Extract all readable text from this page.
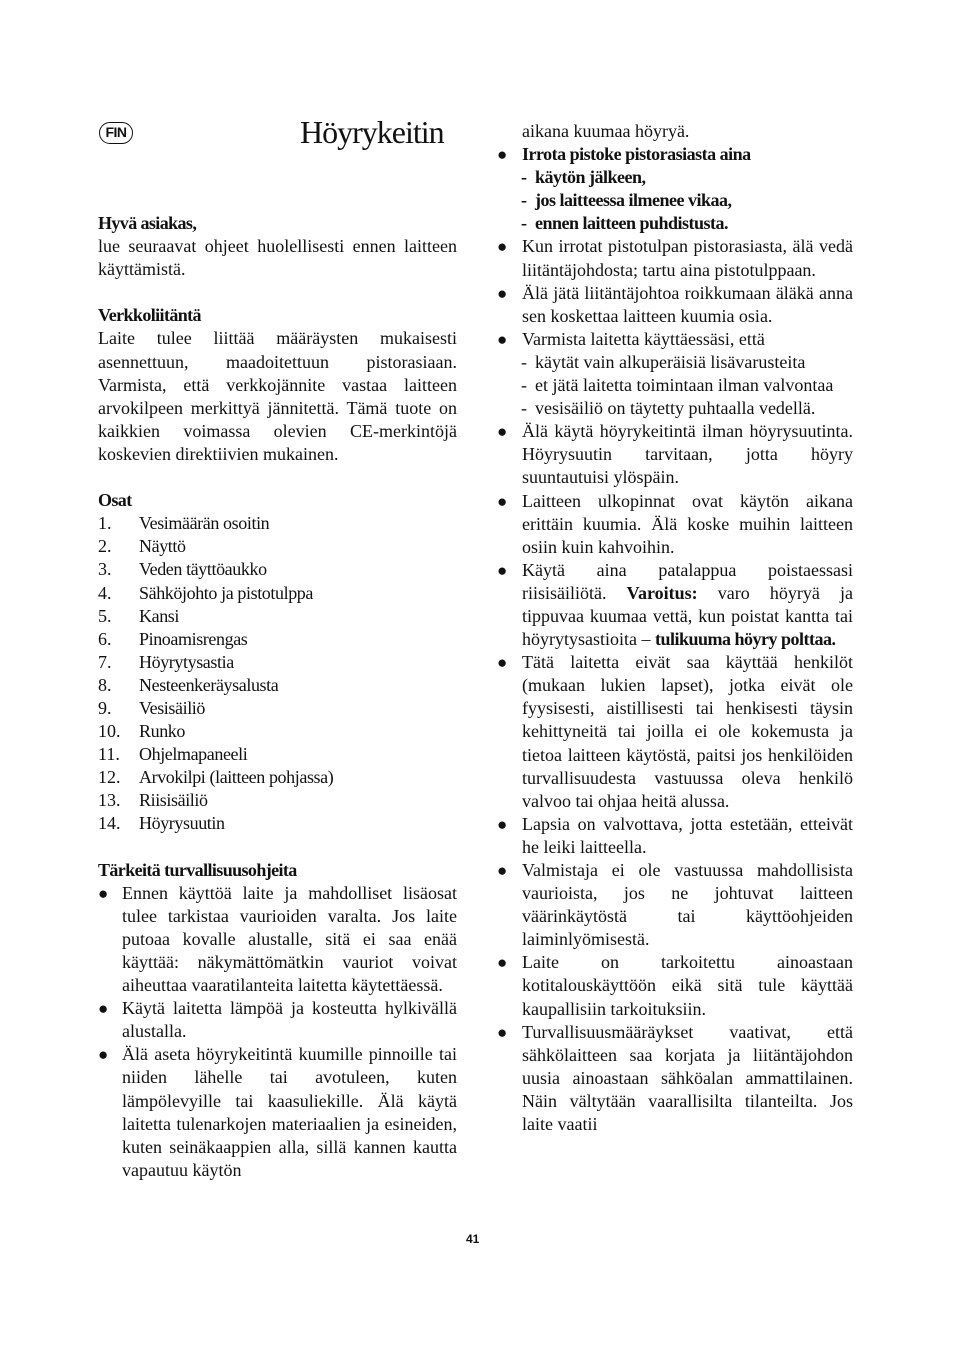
FIN	Höyrykeitin

Hyvä asiakas,

lue seuraavat ohjeet huolellisesti ennen laitteen käyttämistä.

Verkkoliitäntä

Laite tulee liittää määräysten mukaisesti asennettuun, maadoitettuun pistorasiaan. Varmista, että verkkojännite vastaa laitteen arvokilpeen merkittyä jännitettä. Tämä tuote on kaikkien voimassa olevien CE-merkintöjä koskevien direktiivien mukainen.

Osat

1.	Vesimäärän osoitin
2.	Näyttö
3.	Veden täyttöaukko
4.	Sähköjohto ja pistotulppa
5.	Kansi
6.	Pinoamisrengas
7.	Höyrytysastia
8.	Nesteenkeräysalusta
9.	Vesisäiliö
10.	Runko
11.	Ohjelmapaneeli
12.	Arvokilpi (laitteen pohjassa)
13.	Riisisäiliö
14.	Höyrysuutin

Tärkeitä turvallisuusohjeita

● Ennen käyttöä laite ja mahdolliset lisäosat tulee tarkistaa vaurioiden varalta. Jos laite putoaa kovalle alustalle, sitä ei saa enää käyttää: näkymättömätkin vauriot voivat aiheuttaa vaaratilanteita laitetta käytettäessä.
● Käytä laitetta lämpöä ja kosteutta hylkivällä alustalla.
● Älä aseta höyrykeitintä kuumille pinnoille tai niiden lähelle tai avotuleen, kuten lämpölevyille tai kaasuliekille. Älä käytä laitetta tulenarkojen materiaalien ja esineiden, kuten seinäkaappien alla, sillä kannen kautta vapautuu käytön

aikana kuumaa höyryä.

● Irrota pistoke pistorasiasta aina
- käytön jälkeen,
- jos laitteessa ilmenee vikaa,
- ennen laitteen puhdistusta.
● Kun irrotat pistotulpan pistorasiasta, älä vedä liitäntäjohdosta; tartu aina pistotulppaan.
● Älä jätä liitäntäjohtoa roikkumaan äläkä anna sen koskettaa laitteen kuumia osia.
● Varmista laitetta käyttäessäsi, että
- käytät vain alkuperäisiä lisävarusteita
- et jätä laitetta toimintaan ilman valvontaa
- vesisäiliö on täytetty puhtaalla vedellä.
● Älä käytä höyrykeitintä ilman höyrysuutinta. Höyrysuutin tarvitaan, jotta höyry suuntautuisi ylöspäin.
● Laitteen ulkopinnat ovat käytön aikana erittäin kuumia. Älä koske muihin laitteen osiin kuin kahvoihin.
● Käytä aina patalappua poistaessasi riisisäiliötä. Varoitus: varo höyryä ja tippuvaa kuumaa vettä, kun poistat kantta tai höyrytysastioita – tulikuuma höyry polttaa.
● Tätä laitetta eivät saa käyttää henkilöt (mukaan lukien lapset), jotka eivät ole fyysisesti, aistillisesti tai henkisesti täysin kehittyneitä tai joilla ei ole kokemusta ja tietoa laitteen käytöstä, paitsi jos henkilöiden turvallisuudesta vastuussa oleva henkilö valvoo tai ohjaa heitä alussa.
● Lapsia on valvottava, jotta estetään, etteivät he leiki laitteella.
● Valmistaja ei ole vastuussa mahdollisista vaurioista, jos ne johtuvat laitteen väärinkäytöstä tai käyttöohjeiden laiminlyömisestä.
● Laite on tarkoitettu ainoastaan kotitalouskäyttöön eikä sitä tule käyttää kaupallisiin tarkoituksiin.
● Turvallisuusmääräykset vaativat, että sähkölaitteen saa korjata ja liitäntäjohdon uusia ainoastaan sähköalan ammattilainen. Näin vältytään vaarallisilta tilanteilta. Jos laite vaatii
41
